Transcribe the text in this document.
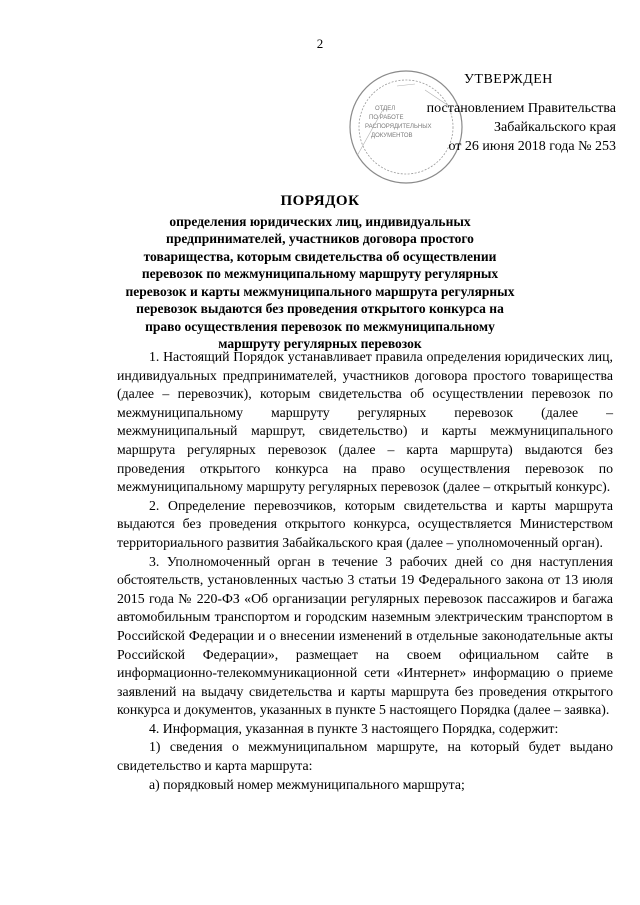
2
ОТДЕЛ
ПО РАБОТЕ
РАСПОРЯДИТЕЛЬНЫХ
ДОКУМЕНТОВ
УТВЕРЖДЕН
постановлением Правительства
Забайкальского края
от 26 июня 2018 года № 253
ПОРЯДОК
определения юридических лиц, индивидуальных предпринимателей, участников договора простого товарищества, которым свидетельства об осуществлении перевозок по межмуниципальному маршруту регулярных перевозок и карты межмуниципального маршрута регулярных перевозок выдаются без проведения открытого конкурса на право осуществления перевозок по межмуниципальному маршруту регулярных перевозок

1. Настоящий Порядок устанавливает правила определения юридических лиц, индивидуальных предпринимателей, участников договора простого товарищества (далее – перевозчик), которым свидетельства об осуществлении перевозок по межмуниципальному маршруту регулярных перевозок (далее – межмуниципальный маршрут, свидетельство) и карты межмуниципального маршрута регулярных перевозок (далее – карта маршрута) выдаются без проведения открытого конкурса на право осуществления перевозок по межмуниципальному маршруту регулярных перевозок (далее – открытый конкурс).

2. Определение перевозчиков, которым свидетельства и карты маршрута выдаются без проведения открытого конкурса, осуществляется Министерством территориального развития Забайкальского края (далее – уполномоченный орган).

3. Уполномоченный орган в течение 3 рабочих дней со дня наступления обстоятельств, установленных частью 3 статьи 19 Федерального закона от 13 июля 2015 года № 220-ФЗ «Об организации регулярных перевозок пассажиров и багажа автомобильным транспортом и городским наземным электрическим транспортом в Российской Федерации и о внесении изменений в отдельные законодательные акты Российской Федерации», размещает на своем официальном сайте в информационно-телекоммуникационной сети «Интернет» информацию о приеме заявлений на выдачу свидетельства и карты маршрута без проведения открытого конкурса и документов, указанных в пункте 5 настоящего Порядка (далее – заявка).

4. Информация, указанная в пункте 3 настоящего Порядка, содержит:

1) сведения о межмуниципальном маршруте, на который будет выдано свидетельство и карта маршрута:

а) порядковый номер межмуниципального маршрута;
